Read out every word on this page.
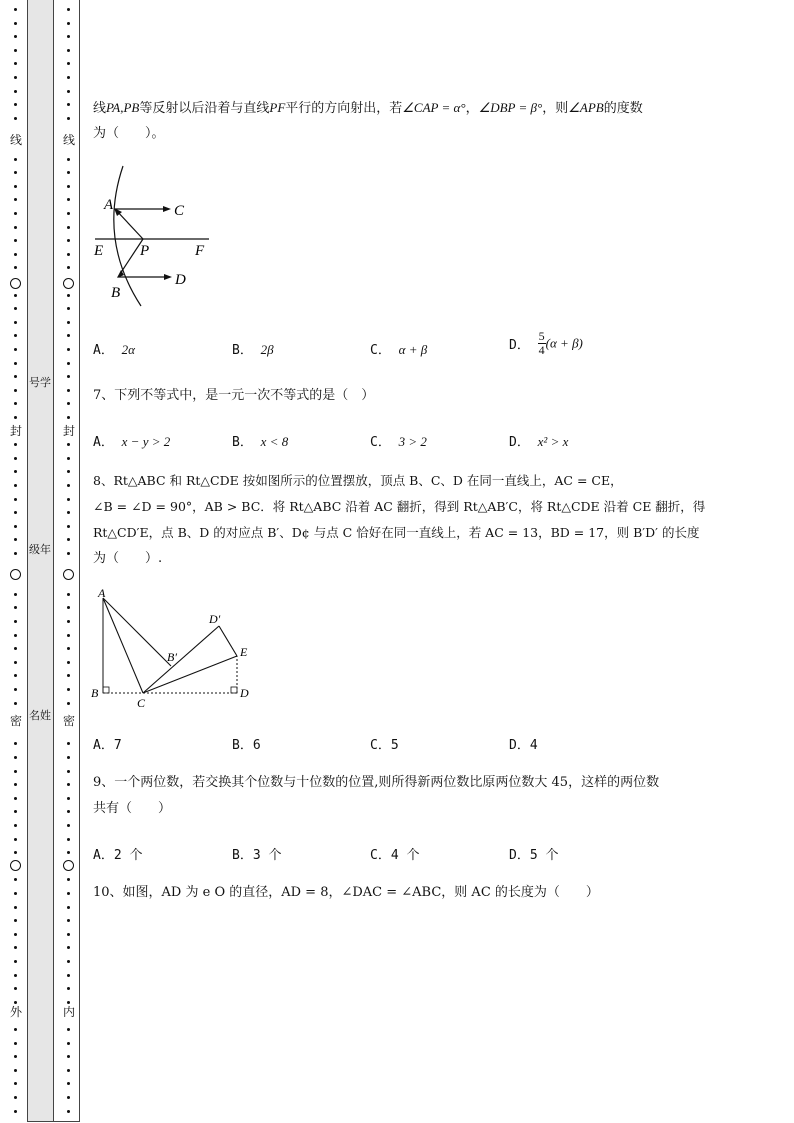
线
封
密
外
线
封
密
内
号学
级年
名姓
线PA,PB等反射以后沿着与直线PF平行的方向射出，若∠CAP = α°，∠DBP = β°，则∠APB的度数
为（　　）。
A	C
E P	F
B
D
A． 2α	B． 2β	C． α + β	D． $\frac{5}{4} (\alpha + \beta)$
7、下列不等式中，是一元一次不等式的是（　）
A． x − y > 2	B． x < 8	C． 3 > 2	D． x² > x
8、Rt△ABC 和 Rt△CDE 按如图所示的位置摆放，顶点 B、C、D 在同一直线上，AC = CE，
∠B = ∠D = 90°，AB > BC．将 Rt△ABC 沿着 AC 翻折，得到 Rt△AB′C，将 Rt△CDE 沿着 CE 翻折，得
Rt△CD′E，点 B、D 的对应点 B′、D¢ 与点 C 恰好在同一直线上，若 AC = 13，BD = 17，则 B′D′ 的长度
为（　　）.
A
B
C
D
E
B′
D′
A．7	B．6	C．5	D．4
9、一个两位数，若交换其个位数与十位数的位置,则所得新两位数比原两位数大 45，这样的两位数
共有（　　）
A．2 个	B．3 个	C．4 个	D．5 个
10、如图，AD 为 e O 的直径，AD = 8，∠DAC = ∠ABC，则 AC 的长度为（　　）
